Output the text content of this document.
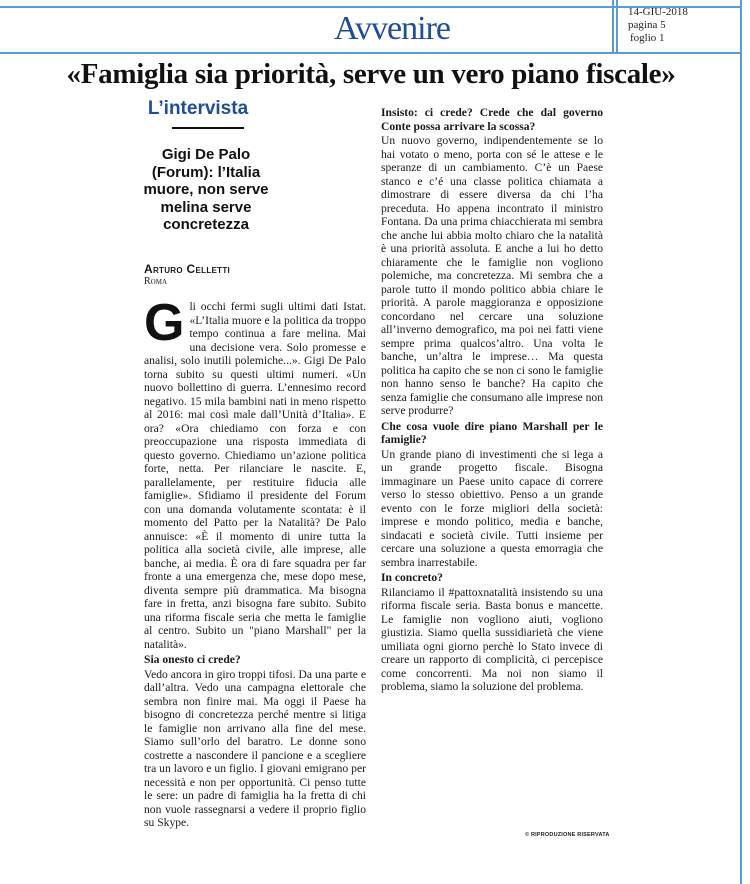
Avvenire	14-GIU-2018
pagina 5
foglio 1
«Famiglia sia priorità, serve un vero piano fiscale»
L’intervista
Gigi De Palo (Forum): l’Italia muore, non serve melina serve concretezza
Arturo Celletti
Roma

Gli occhi fermi sugli ultimi dati Istat. «L’Italia muore e la politica da troppo tempo continua a fare melina. Mai una decisione vera. Solo promesse e analisi, solo inutili polemiche...». Gigi De Palo torna subito su questi ultimi numeri. «Un nuovo bollettino di guerra. L’ennesimo record negativo. 15 mila bambini nati in meno rispetto al 2016: mai così male dall’Unità d’Italia». E ora? «Ora chiediamo con forza e con preoccupazione una risposta immediata di questo governo. Chiediamo un’azione politica forte, netta. Per rilanciare le nascite. E, parallelamente, per restituire fiducia alle famiglie». Sfidiamo il presidente del Forum con una domanda volutamente scontata: è il momento del Patto per la Natalità? De Palo annuisce: «È il momento di unire tutta la politica alla società civile, alle imprese, alle banche, ai media. È ora di fare squadra per far fronte a una emergenza che, mese dopo mese, diventa sempre più drammatica. Ma bisogna fare in fretta, anzi bisogna fare subito. Subito una riforma fiscale seria che metta le famiglie al centro. Subito un "piano Marshall" per la natalità».

Sia onesto ci crede?

Vedo ancora in giro troppi tifosi. Da una parte e dall’altra. Vedo una campagna elettorale che sembra non finire mai. Ma oggi il Paese ha bisogno di concretezza perché mentre si litiga le famiglie non arrivano alla fine del mese. Siamo sull’orlo del baratro. Le donne sono costrette a nascondere il pancione e a scegliere tra un lavoro e un figlio. I giovani emigrano per necessità e non per opportunità. Ci penso tutte le sere: un padre di famiglia ha la fretta di chi non vuole rassegnarsi a vedere il proprio figlio su Skype.

Insisto: ci crede? Crede che dal governo Conte possa arrivare la scossa?

Un nuovo governo, indipendentemente se lo hai votato o meno, porta con sé le attese e le speranze di un cambiamento. C’è un Paese stanco e c’é una classe politica chiamata a dimostrare di essere diversa da chi l’ha preceduta. Ho appena incontrato il ministro Fontana. Da una prima chiacchierata mi sembra che anche lui abbia molto chiaro che la natalità è una priorità assoluta. E anche a lui ho detto chiaramente che le famiglie non vogliono polemiche, ma concretezza. Mi sembra che a parole tutto il mondo politico abbia chiare le priorità. A parole maggioranza e opposizione concordano nel cercare una soluzione all’inverno demografico, ma poi nei fatti viene sempre prima qualcos’altro. Una volta le banche, un’altra le imprese… Ma questa politica ha capito che se non ci sono le famiglie non hanno senso le banche? Ha capito che senza famiglie che consumano alle imprese non serve produrre?

Che cosa vuole dire piano Marshall per le famiglie?

Un grande piano di investimenti che si lega a un grande progetto fiscale. Bisogna immaginare un Paese unito capace di correre verso lo stesso obiettivo. Penso a un grande evento con le forze migliori della società: imprese e mondo politico, media e banche, sindacati e società civile. Tutti insieme per cercare una soluzione a questa emorragia che sembra inarrestabile.

In concreto?

Rilanciamo il #pattoxnatalità insistendo su una riforma fiscale seria. Basta bonus e mancette. Le famiglie non vogliono aiuti, vogliono giustizia. Siamo quella sussidiarietà che viene umiliata ogni giorno perchè lo Stato invece di creare un rapporto di complicità, ci percepisce come concorrenti. Ma noi non siamo il problema, siamo la soluzione del problema.

© RIPRODUZIONE RISERVATA
